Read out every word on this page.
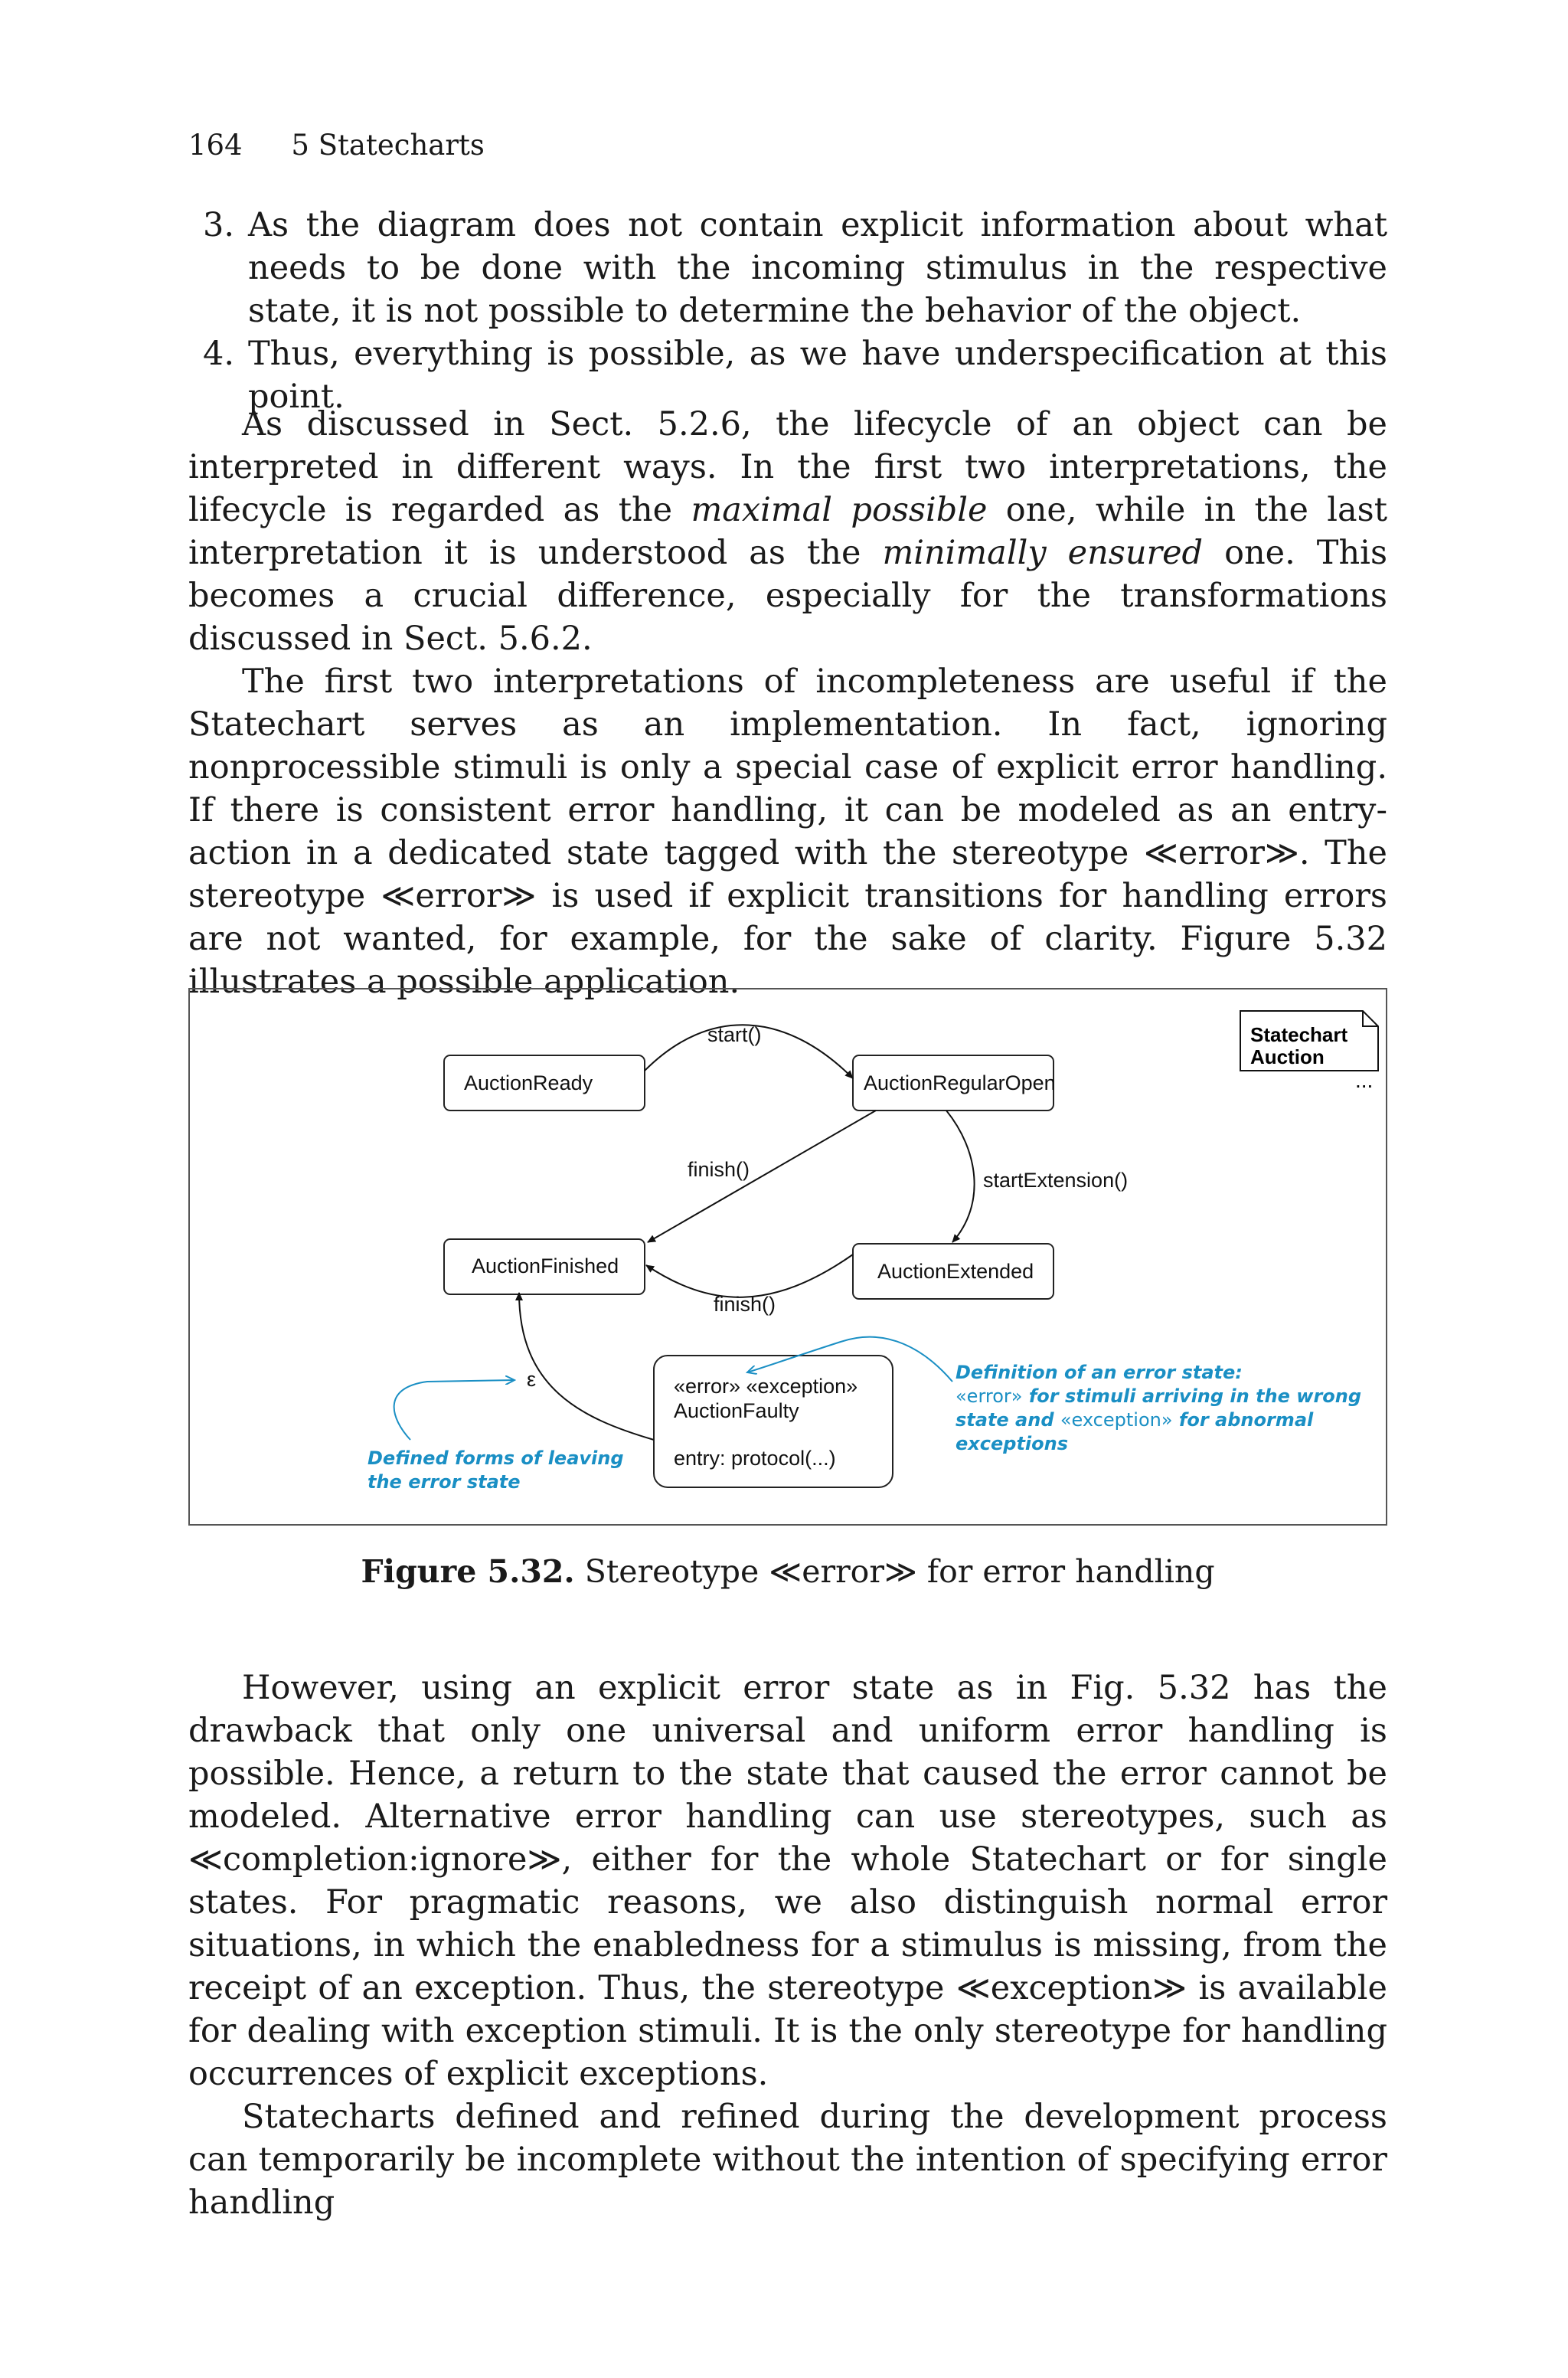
164 5 Statecharts
3. As the diagram does not contain explicit information about what needs to be done with the incoming stimulus in the respective state, it is not possible to determine the behavior of the object.
4. Thus, everything is possible, as we have underspecification at this point.

As discussed in Sect. 5.2.6, the lifecycle of an object can be interpreted in different ways. In the first two interpretations, the lifecycle is regarded as the maximal possible one, while in the last interpretation it is understood as the minimally ensured one. This becomes a crucial difference, especially for the transformations discussed in Sect. 5.6.2.

The first two interpretations of incompleteness are useful if the Statechart serves as an implementation. In fact, ignoring nonprocessible stimuli is only a special case of explicit error handling. If there is consistent error handling, it can be modeled as an entry-action in a dedicated state tagged with the stereotype ≪error≫. The stereotype ≪error≫ is used if explicit transitions for handling errors are not wanted, for example, for the sake of clarity. Figure 5.32 illustrates a possible application.

Statechart
Auction
...
AuctionReady	AuctionRegularOpen
AuctionFinished	AuctionExtended
«error» «exception»
AuctionFaulty
entry: protocol(...)
start()
finish()	startExtension()
finish()
ε
Defined forms of leaving
the error state
Definition of an error state:
«error» for stimuli arriving in the wrong
state and «exception» for abnormal
exceptions
Figure 5.32. Stereotype ≪error≫ for error handling

However, using an explicit error state as in Fig. 5.32 has the drawback that only one universal and uniform error handling is possible. Hence, a return to the state that caused the error cannot be modeled. Alternative error handling can use stereotypes, such as ≪completion:ignore≫, either for the whole Statechart or for single states. For pragmatic reasons, we also distinguish normal error situations, in which the enabledness for a stimulus is missing, from the receipt of an exception. Thus, the stereotype ≪exception≫ is available for dealing with exception stimuli. It is the only stereotype for handling occurrences of explicit exceptions.

Statecharts defined and refined during the development process can temporarily be incomplete without the intention of specifying error handling
